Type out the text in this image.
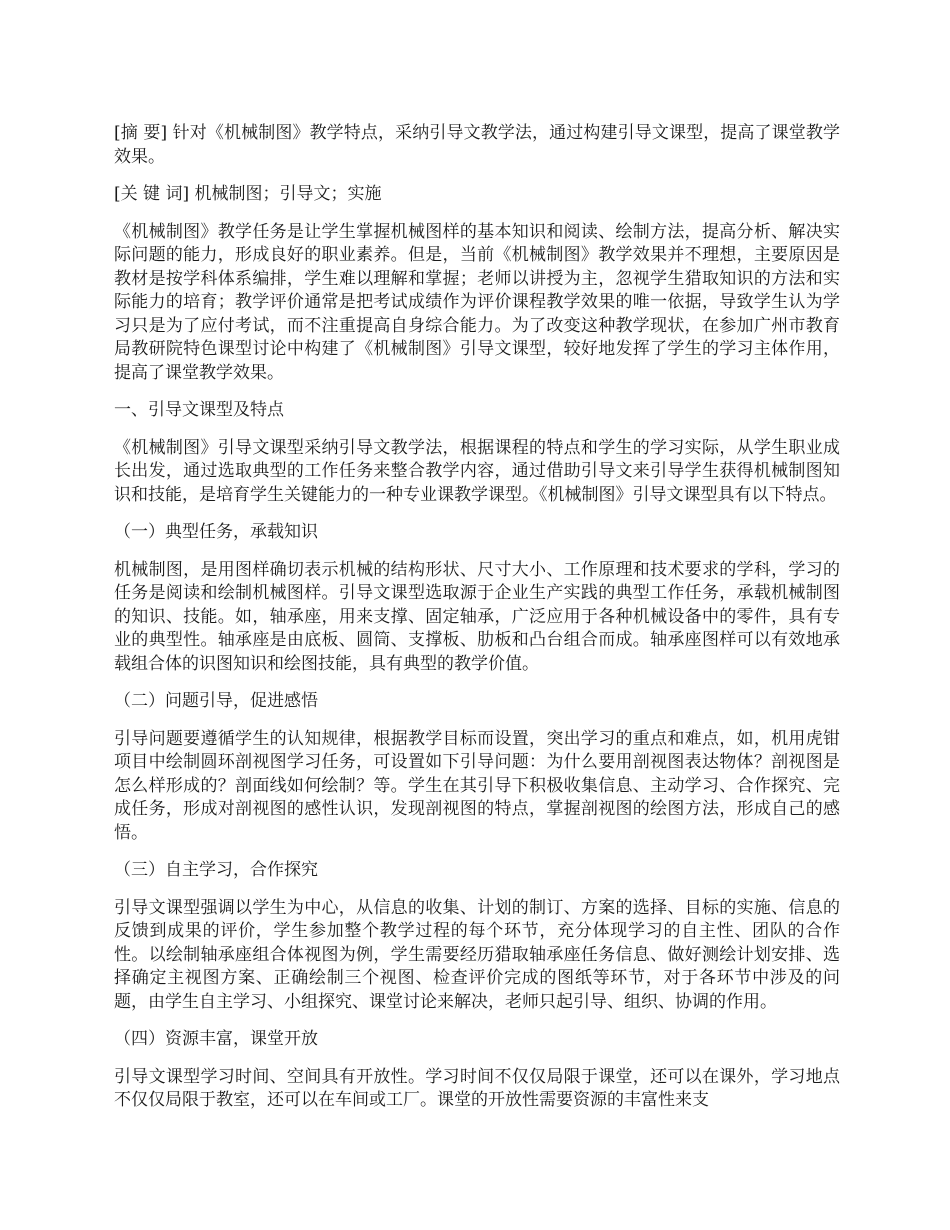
[摘 要] 针对《机械制图》教学特点，采纳引导文教学法，通过构建引导文课型，提高了课堂教学效果。

[关 键 词] 机械制图；引导文；实施

《机械制图》教学任务是让学生掌握机械图样的基本知识和阅读、绘制方法，提高分析、解决实际问题的能力，形成良好的职业素养。但是，当前《机械制图》教学效果并不理想，主要原因是教材是按学科体系编排，学生难以理解和掌握；老师以讲授为主，忽视学生猎取知识的方法和实际能力的培育；教学评价通常是把考试成绩作为评价课程教学效果的唯一依据，导致学生认为学习只是为了应付考试，而不注重提高自身综合能力。为了改变这种教学现状，在参加广州市教育局教研院特色课型讨论中构建了《机械制图》引导文课型，较好地发挥了学生的学习主体作用，提高了课堂教学效果。

一、引导文课型及特点

《机械制图》引导文课型采纳引导文教学法，根据课程的特点和学生的学习实际，从学生职业成长出发，通过选取典型的工作任务来整合教学内容，通过借助引导文来引导学生获得机械制图知识和技能，是培育学生关键能力的一种专业课教学课型。《机械制图》引导文课型具有以下特点。

（一）典型任务，承载知识

机械制图，是用图样确切表示机械的结构形状、尺寸大小、工作原理和技术要求的学科，学习的任务是阅读和绘制机械图样。引导文课型选取源于企业生产实践的典型工作任务，承载机械制图的知识、技能。如，轴承座，用来支撑、固定轴承，广泛应用于各种机械设备中的零件，具有专业的典型性。轴承座是由底板、圆筒、支撑板、肋板和凸台组合而成。轴承座图样可以有效地承载组合体的识图知识和绘图技能，具有典型的教学价值。

（二）问题引导，促进感悟

引导问题要遵循学生的认知规律，根据教学目标而设置，突出学习的重点和难点，如，机用虎钳项目中绘制圆环剖视图学习任务，可设置如下引导问题：为什么要用剖视图表达物体？剖视图是怎么样形成的？剖面线如何绘制？等。学生在其引导下积极收集信息、主动学习、合作探究、完成任务，形成对剖视图的感性认识，发现剖视图的特点，掌握剖视图的绘图方法，形成自己的感悟。

（三）自主学习，合作探究

引导文课型强调以学生为中心，从信息的收集、计划的制订、方案的选择、目标的实施、信息的反馈到成果的评价，学生参加整个教学过程的每个环节，充分体现学习的自主性、团队的合作性。以绘制轴承座组合体视图为例，学生需要经历猎取轴承座任务信息、做好测绘计划安排、选择确定主视图方案、正确绘制三个视图、检查评价完成的图纸等环节，对于各环节中涉及的问题，由学生自主学习、小组探究、课堂讨论来解决，老师只起引导、组织、协调的作用。

（四）资源丰富，课堂开放

引导文课型学习时间、空间具有开放性。学习时间不仅仅局限于课堂，还可以在课外，学习地点不仅仅局限于教室，还可以在车间或工厂。课堂的开放性需要资源的丰富性来支
